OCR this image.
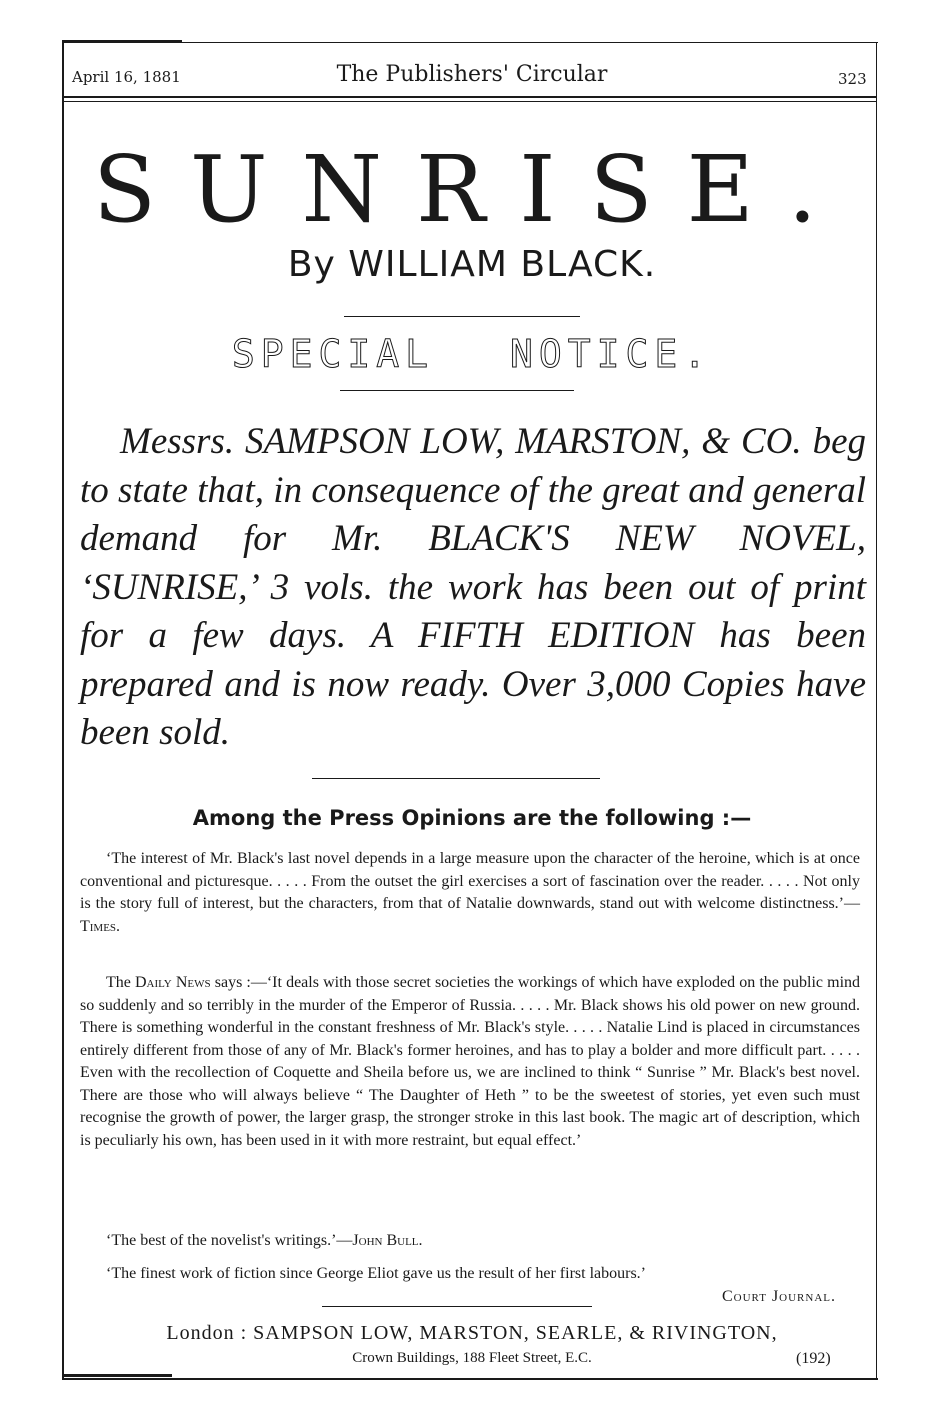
April 16, 1881	The Publishers' Circular	323
SUNRISE.
By WILLIAM BLACK.
SPECIAL NOTICE.
Messrs. SAMPSON LOW, MARSTON, & CO. beg to state that, in consequence of the great and general demand for Mr. BLACK'S NEW NOVEL, ‘SUNRISE,’ 3 vols. the work has been out of print for a few days. A FIFTH EDITION has been prepared and is now ready. Over 3,000 Copies have been sold.
Among the Press Opinions are the following :—
‘The interest of Mr. Black's last novel depends in a large measure upon the character of the heroine, which is at once conventional and picturesque. . . . . From the outset the girl exercises a sort of fascination over the reader. . . . . Not only is the story full of interest, but the characters, from that of Natalie downwards, stand out with welcome distinctness.’—Times.
The Daily News says :—‘It deals with those secret societies the workings of which have exploded on the public mind so suddenly and so terribly in the murder of the Emperor of Russia. . . . . Mr. Black shows his old power on new ground. There is something wonderful in the constant freshness of Mr. Black's style. . . . . Natalie Lind is placed in circumstances entirely different from those of any of Mr. Black's former heroines, and has to play a bolder and more difficult part. . . . . Even with the recollection of Coquette and Sheila before us, we are inclined to think “ Sunrise ” Mr. Black's best novel. There are those who will always believe “ The Daughter of Heth ” to be the sweetest of stories, yet even such must recognise the growth of power, the larger grasp, the stronger stroke in this last book. The magic art of description, which is peculiarly his own, has been used in it with more restraint, but equal effect.’
‘The best of the novelist's writings.’—John Bull.
‘The finest work of fiction since George Eliot gave us the result of her first labours.’
Court Journal.
London : SAMPSON LOW, MARSTON, SEARLE, & RIVINGTON,
Crown Buildings, 188 Fleet Street, E.C.	(192)
